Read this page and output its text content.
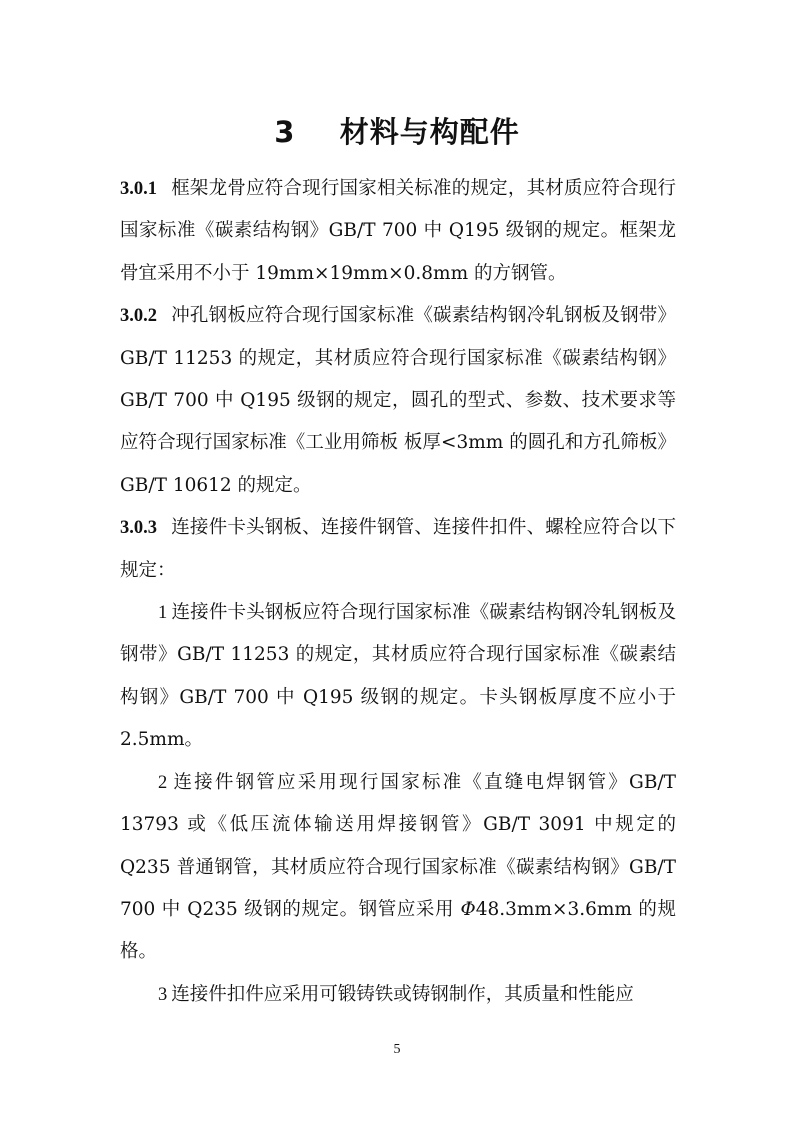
3    材料与构配件

3.0.1 框架龙骨应符合现行国家相关标准的规定，其材质应符合现行国家标准《碳素结构钢》GB/T 700 中 Q195 级钢的规定。框架龙骨宜采用不小于 19mm×19mm×0.8mm 的方钢管。

3.0.2 冲孔钢板应符合现行国家标准《碳素结构钢冷轧钢板及钢带》GB/T 11253 的规定，其材质应符合现行国家标准《碳素结构钢》GB/T 700 中 Q195 级钢的规定，圆孔的型式、参数、技术要求等应符合现行国家标准《工业用筛板 板厚<3mm 的圆孔和方孔筛板》GB/T 10612 的规定。

3.0.3 连接件卡头钢板、连接件钢管、连接件扣件、螺栓应符合以下规定：

1 连接件卡头钢板应符合现行国家标准《碳素结构钢冷轧钢板及钢带》GB/T 11253 的规定，其材质应符合现行国家标准《碳素结构钢》GB/T 700 中 Q195 级钢的规定。卡头钢板厚度不应小于 2.5mm。

2 连接件钢管应采用现行国家标准《直缝电焊钢管》GB/T 13793 或《低压流体输送用焊接钢管》GB/T 3091 中规定的 Q235 普通钢管，其材质应符合现行国家标准《碳素结构钢》GB/T 700 中 Q235 级钢的规定。钢管应采用 Φ48.3mm×3.6mm 的规格。

3 连接件扣件应采用可锻铸铁或铸钢制作，其质量和性能应

5
